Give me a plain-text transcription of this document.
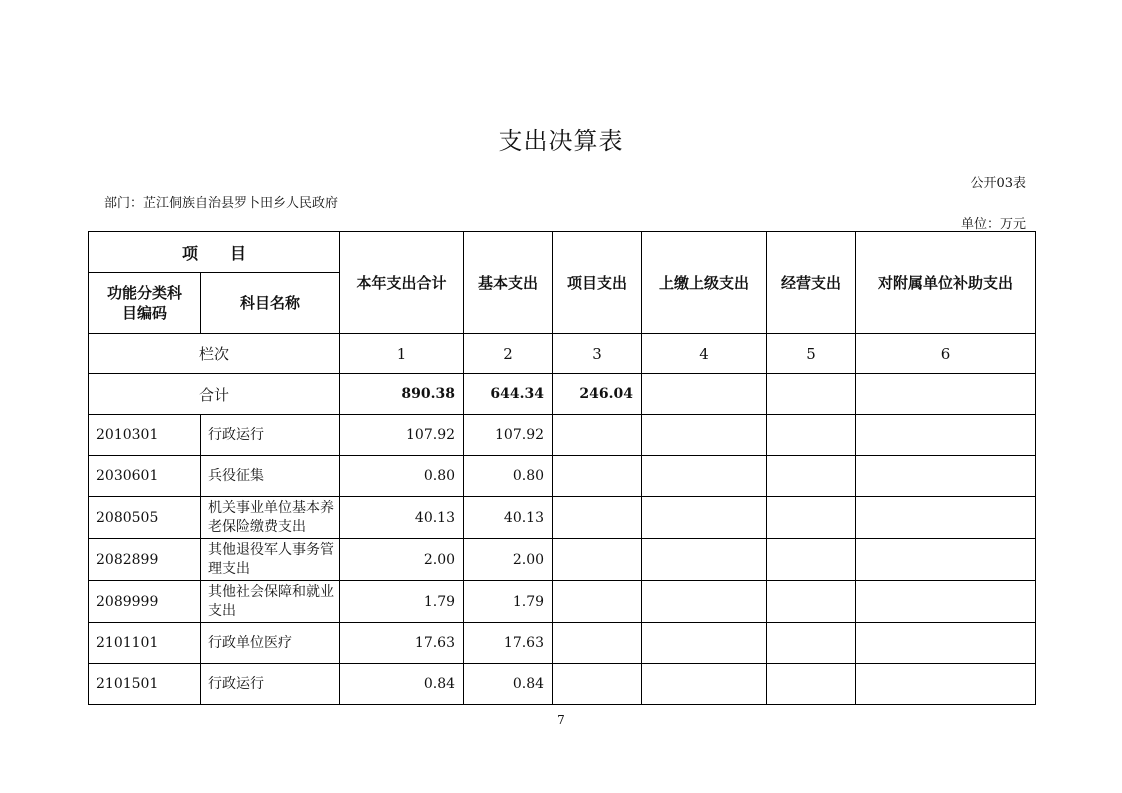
支出决算表
公开03表
部门：芷江侗族自治县罗卜田乡人民政府
单位：万元
项　　目		本年支出合计	基本支出	项目支出	上缴上级支出	经营支出	对附属单位补助支出
功能分类科目编码	科目名称						
栏次		1	2	3	4	5	6
合计		890.38	644.34	246.04			
2010301	行政运行	107.92	107.92				
2030601	兵役征集	0.80	0.80				
2080505	机关事业单位基本养老保险缴费支出	40.13	40.13				
2082899	其他退役军人事务管理支出	2.00	2.00				
2089999	其他社会保障和就业支出	1.79	1.79				
2101101	行政单位医疗	17.63	17.63				
2101501	行政运行	0.84	0.84				
7
